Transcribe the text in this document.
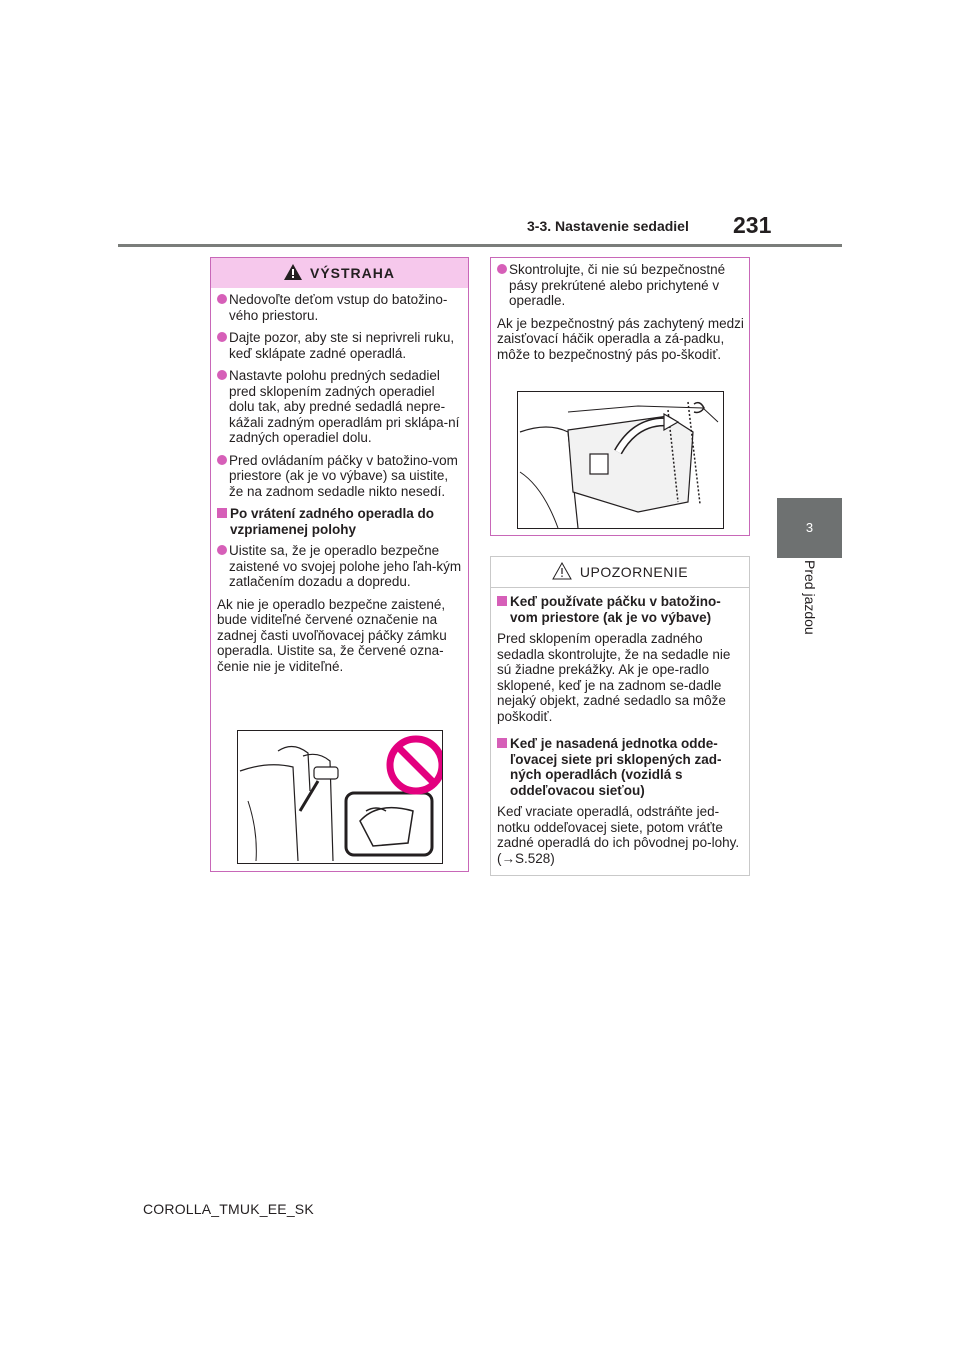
3-3. Nastavenie sedadiel 231
3
Pred jazdou
VÝSTRAHA
Nedovoľte deťom vstup do batožino-vého priestoru.
Dajte pozor, aby ste si neprivreli ruku, keď sklápate zadné operadlá.
Nastavte polohu predných sedadiel pred sklopením zadných operadiel dolu tak, aby predné sedadlá nepre-kážali zadným operadlám pri sklápa-ní zadných operadiel dolu.
Pred ovládaním páčky v batožino-vom priestore (ak je vo výbave) sa uistite, že na zadnom sedadle nikto nesedí.
Po vrátení zadného operadla do vzpriamenej polohy
Uistite sa, že je operadlo bezpečne zaistené vo svojej polohe jeho ľah-kým zatlačením dozadu a dopredu.
Ak nie je operadlo bezpečne zaistené, bude viditeľné červené označenie na zadnej časti uvoľňovacej páčky zámku operadla. Uistite sa, že červené ozna-čenie nie je viditeľné.
Skontrolujte, či nie sú bezpečnostné pásy prekrútené alebo prichytené v operadle.
Ak je bezpečnostný pás zachytený medzi zaisťovací háčik operadla a zá-padku, môže to bezpečnostný pás po-škodiť.
UPOZORNENIE
Keď používate páčku v batožino-vom priestore (ak je vo výbave)
Pred sklopením operadla zadného sedadla skontrolujte, že na sedadle nie sú žiadne prekážky. Ak je ope-radlo sklopené, keď je na zadnom se-dadle nejaký objekt, zadné sedadlo sa môže poškodiť.
Keď je nasadená jednotka odde-ľovacej siete pri sklopených zad-ných operadlách (vozidlá s oddeľovacou sieťou)
Keď vraciate operadlá, odstráňte jed-notku oddeľovacej siete, potom vráťte zadné operadlá do ich pôvodnej po-lohy. (→S.528)
COROLLA_TMUK_EE_SK
